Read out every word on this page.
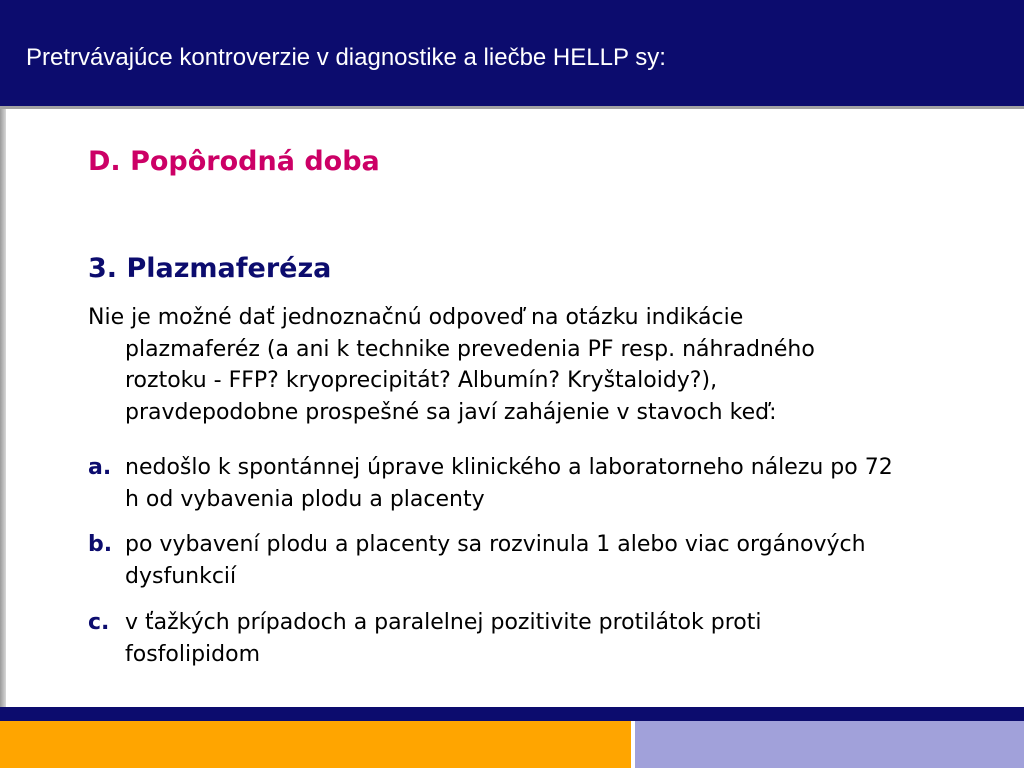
Pretrvávajúce kontroverzie v diagnostike a liečbe HELLP sy:
D. Popôrodná doba
3. Plazmaferéza
Nie je možné dať jednoznačnú odpoveď na otázku indikácie
plazmaferéz (a ani k technike prevedenia PF resp. náhradného
roztoku - FFP? kryoprecipitát? Albumín? Kryštaloidy?),
pravdepodobne prospešné sa javí zahájenie v stavoch keď:
a. nedošlo k spontánnej úprave klinického a laboratorneho nálezu po 72
h od vybavenia plodu a placenty
b. po vybavení plodu a placenty sa rozvinula 1 alebo viac orgánových
dysfunkcií
c. v ťažkých prípadoch a paralelnej pozitivite protilátok proti
fosfolipidom
